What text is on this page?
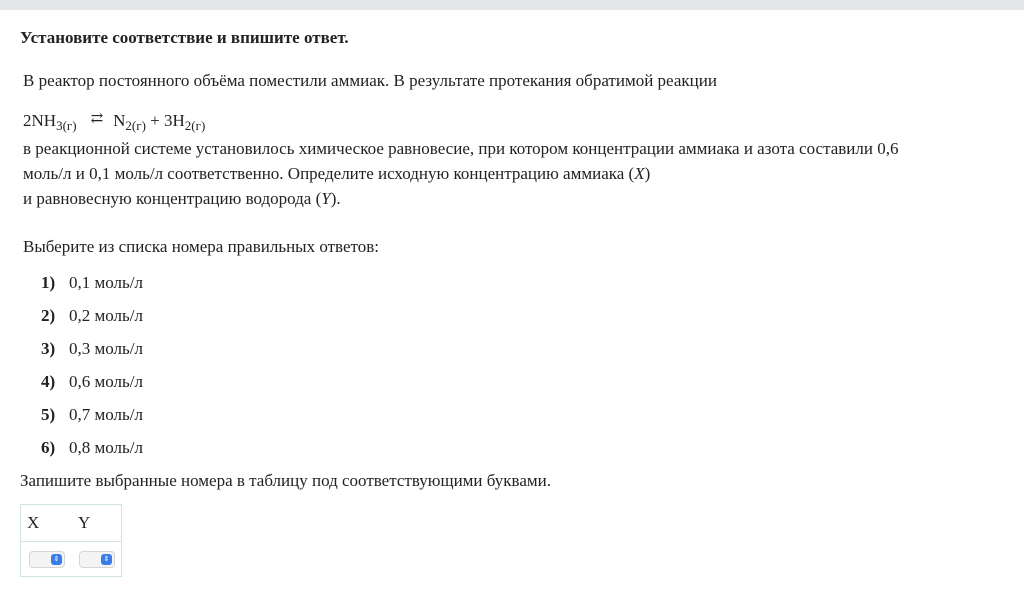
Установите соответствие и впишите ответ.
В реактор постоянного объёма поместили аммиак. В результате протекания обратимой реакции
$2NH_{3(г)}$ ⇄ $N_{2(г)} + 3H_{2(г)}$
в реакционной системе установилось химическое равновесие, при котором концентрации аммиака и азота составили 0,6
моль/л и 0,1 моль/л соответственно. Определите исходную концентрацию аммиака (X)
и равновесную концентрацию водорода (Y).
Выберите из списка номера правильных ответов:
1) 0,1 моль/л
2) 0,2 моль/л
3) 0,3 моль/л
4) 0,6 моль/л
5) 0,7 моль/л
6) 0,8 моль/л
Запишите выбранные номера в таблицу под соответствующими буквами.
X Y
⇕	⇕
